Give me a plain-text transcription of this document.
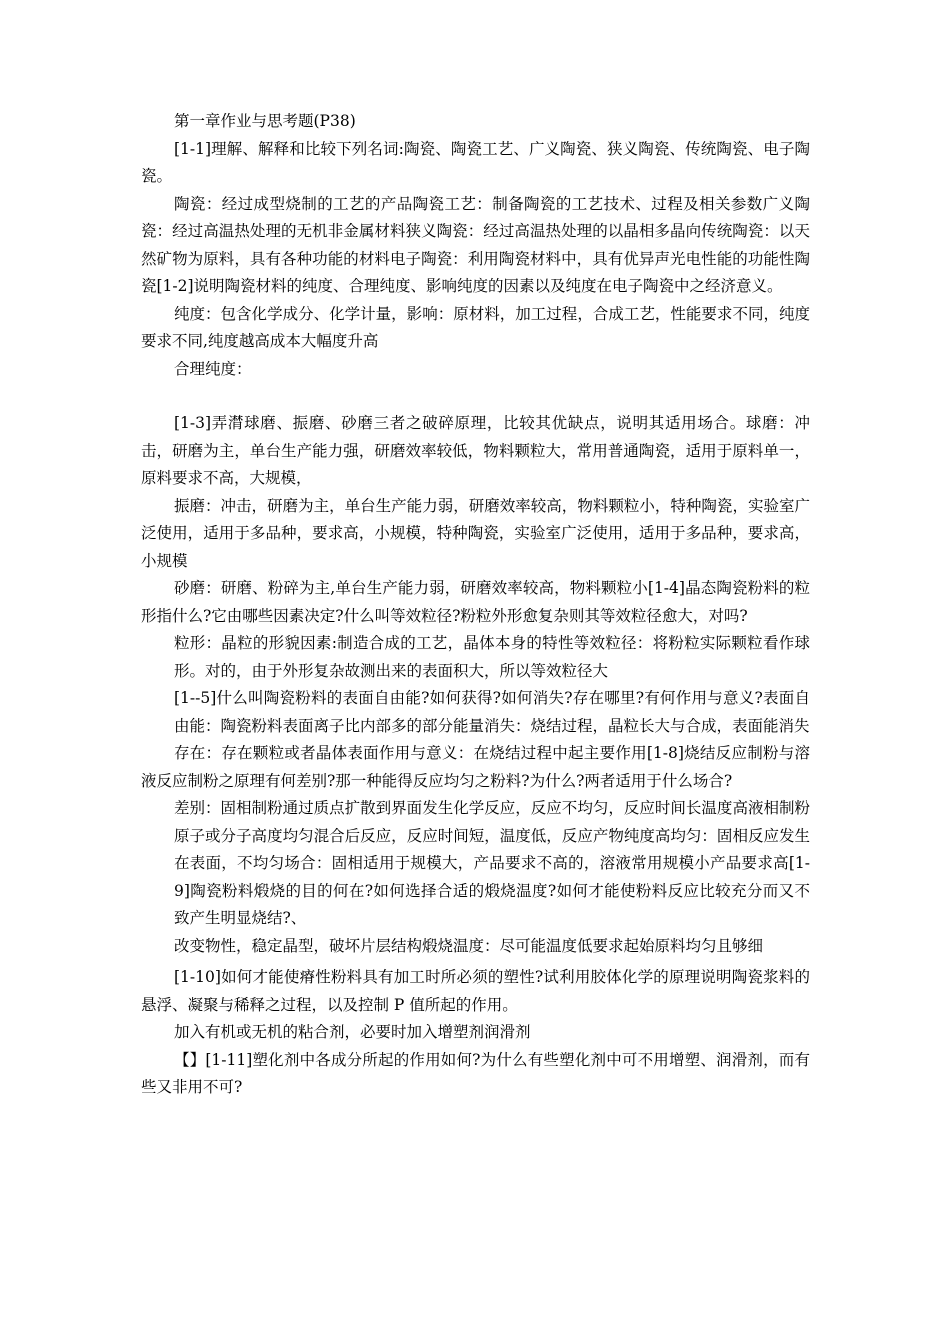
第一章作业与思考题(P38)

[1-1]理解、解释和比较下列名词:陶瓷、陶瓷工艺、广义陶瓷、狭义陶瓷、传统陶瓷、电子陶瓷。

陶瓷：经过成型烧制的工艺的产品陶瓷工艺：制备陶瓷的工艺技术、过程及相关参数广义陶瓷：经过高温热处理的无机非金属材料狭义陶瓷：经过高温热处理的以晶相多晶向传统陶瓷：以天然矿物为原料，具有各种功能的材料电子陶瓷：利用陶瓷材料中，具有优异声光电性能的功能性陶瓷[1-2]说明陶瓷材料的纯度、合理纯度、影响纯度的因素以及纯度在电子陶瓷中之经济意义。

纯度：包含化学成分、化学计量，影响：原材料，加工过程，合成工艺，性能要求不同，纯度要求不同,纯度越高成本大幅度升高

合理纯度：

[1-3]弄潸球磨、振磨、砂磨三者之破碎原理，比较其优缺点，说明其适用场合。球磨：冲击，研磨为主，单台生产能力强，研磨效率较低，物料颗粒大，常用普通陶瓷，适用于原料单一，原料要求不高，大规模，

振磨：冲击，研磨为主，单台生产能力弱，研磨效率较高，物料颗粒小，特种陶瓷，实验室广泛使用，适用于多品种，要求高，小规模，特种陶瓷，实验室广泛使用，适用于多品种，要求高，小规模

砂磨：研磨、粉碎为主,单台生产能力弱，研磨效率较高，物料颗粒小[1-4]晶态陶瓷粉料的粒形指什么?它由哪些因素决定?什么叫等效粒径?粉粒外形愈复杂则其等效粒径愈大，对吗?

粒形：晶粒的形貌因素:制造合成的工艺，晶体本身的特性等效粒径：将粉粒实际颗粒看作球形。对的，由于外形复杂故测出来的表面积大，所以等效粒径大

[1--5]什么叫陶瓷粉料的表面自由能?如何获得?如何消失?存在哪里?有何作用与意义?表面自由能：陶瓷粉料表面离子比内部多的部分能量消失：烧结过程，晶粒长大与合成，表面能消失

存在：存在颗粒或者晶体表面作用与意义：在烧结过程中起主要作用[1-8]烧结反应制粉与溶液反应制粉之原理有何差别?那一种能得反应均匀之粉料?为什么?两者适用于什么场合?

差别：固相制粉通过质点扩散到界面发生化学反应，反应不均匀，反应时间长温度高液相制粉原子或分子高度均匀混合后反应，反应时间短，温度低，反应产物纯度高均匀：固相反应发生在表面，不均匀场合：固相适用于规模大，产品要求不高的，溶液常用规模小产品要求高[1-9]陶瓷粉料煅烧的目的何在?如何选择合适的煅烧温度?如何才能使粉料反应比较充分而又不致产生明显烧结?、

改变物性，稳定晶型，破坏片层结构煅烧温度：尽可能温度低要求起始原料均匀且够细

[1-10]如何才能使瘠性粉料具有加工时所必须的塑性?试利用胶体化学的原理说明陶瓷浆料的悬浮、凝聚与稀释之过程，以及控制 P 值所起的作用。

加入有机或无机的粘合剂，必要时加入增塑剂润滑剂

【】[1-11]塑化剂中各成分所起的作用如何?为什么有些塑化剂中可不用增塑、润滑剂，而有些又非用不可?
